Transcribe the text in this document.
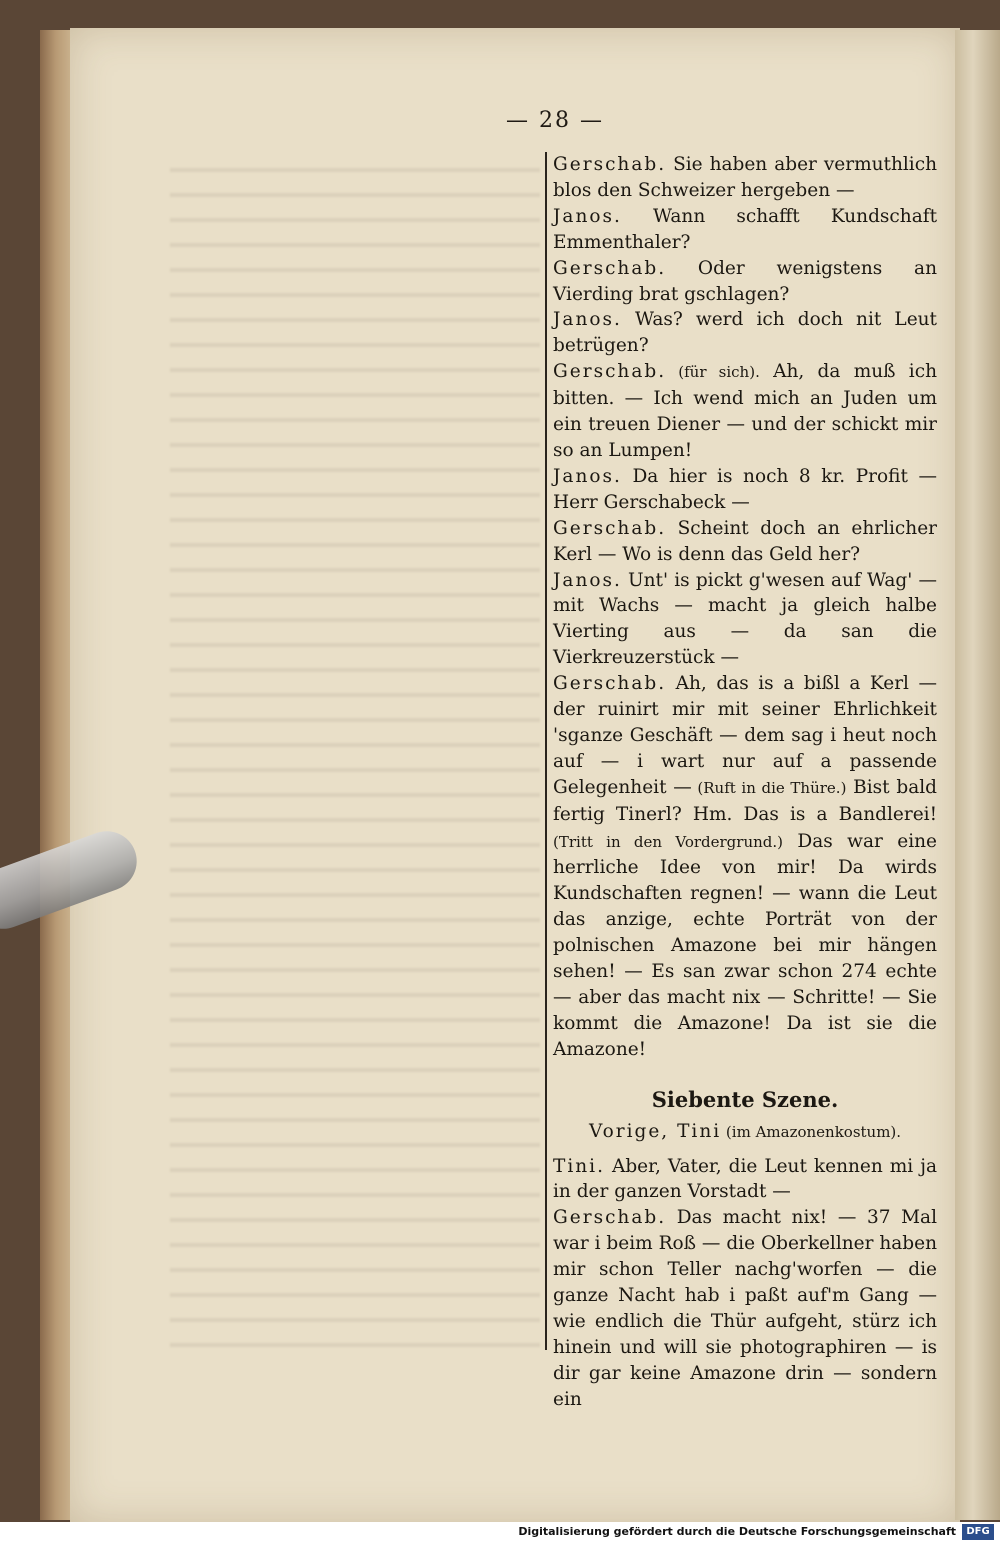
— 28 —

Gerschab. Sie haben aber vermuthlich blos den Schweizer hergeben —

Janos. Wann schafft Kundschaft Emmenthaler?

Gerschab. Oder wenigstens an Vierding brat gschlagen?

Janos. Was? werd ich doch nit Leut betrügen?

Gerschab. (für sich). Ah, da muß ich bitten. — Ich wend mich an Juden um ein treuen Diener — und der schickt mir so an Lumpen!

Janos. Da hier is noch 8 kr. Profit — Herr Gerschabeck —

Gerschab. Scheint doch an ehrlicher Kerl — Wo is denn das Geld her?

Janos. Unt' is pickt g'wesen auf Wag' — mit Wachs — macht ja gleich halbe Vierting aus — da san die Vierkreuzerstück —

Gerschab. Ah, das is a bißl a Kerl — der ruinirt mir mit seiner Ehrlichkeit 'sganze Geschäft — dem sag i heut noch auf — i wart nur auf a passende Gelegenheit — (Ruft in die Thüre.) Bist bald fertig Tinerl? Hm. Das is a Bandlerei! (Tritt in den Vordergrund.) Das war eine herrliche Idee von mir! Da wirds Kundschaften regnen! — wann die Leut das anzige, echte Porträt von der polnischen Amazone bei mir hängen sehen! — Es san zwar schon 274 echte — aber das macht nix — Schritte! — Sie kommt die Amazone! Da ist sie die Amazone!

Siebente Szene.
Vorige, Tini (im Amazonenkostum).

Tini. Aber, Vater, die Leut kennen mi ja in der ganzen Vorstadt —

Gerschab. Das macht nix! — 37 Mal war i beim Roß — die Oberkellner haben mir schon Teller nachg'worfen — die ganze Nacht hab i paßt auf'm Gang — wie endlich die Thür aufgeht, stürz ich hinein und will sie photographiren — is dir gar keine Amazone drin — sondern ein

Digitalisierung gefördert durch die Deutsche Forschungsgemeinschaft	DFG
